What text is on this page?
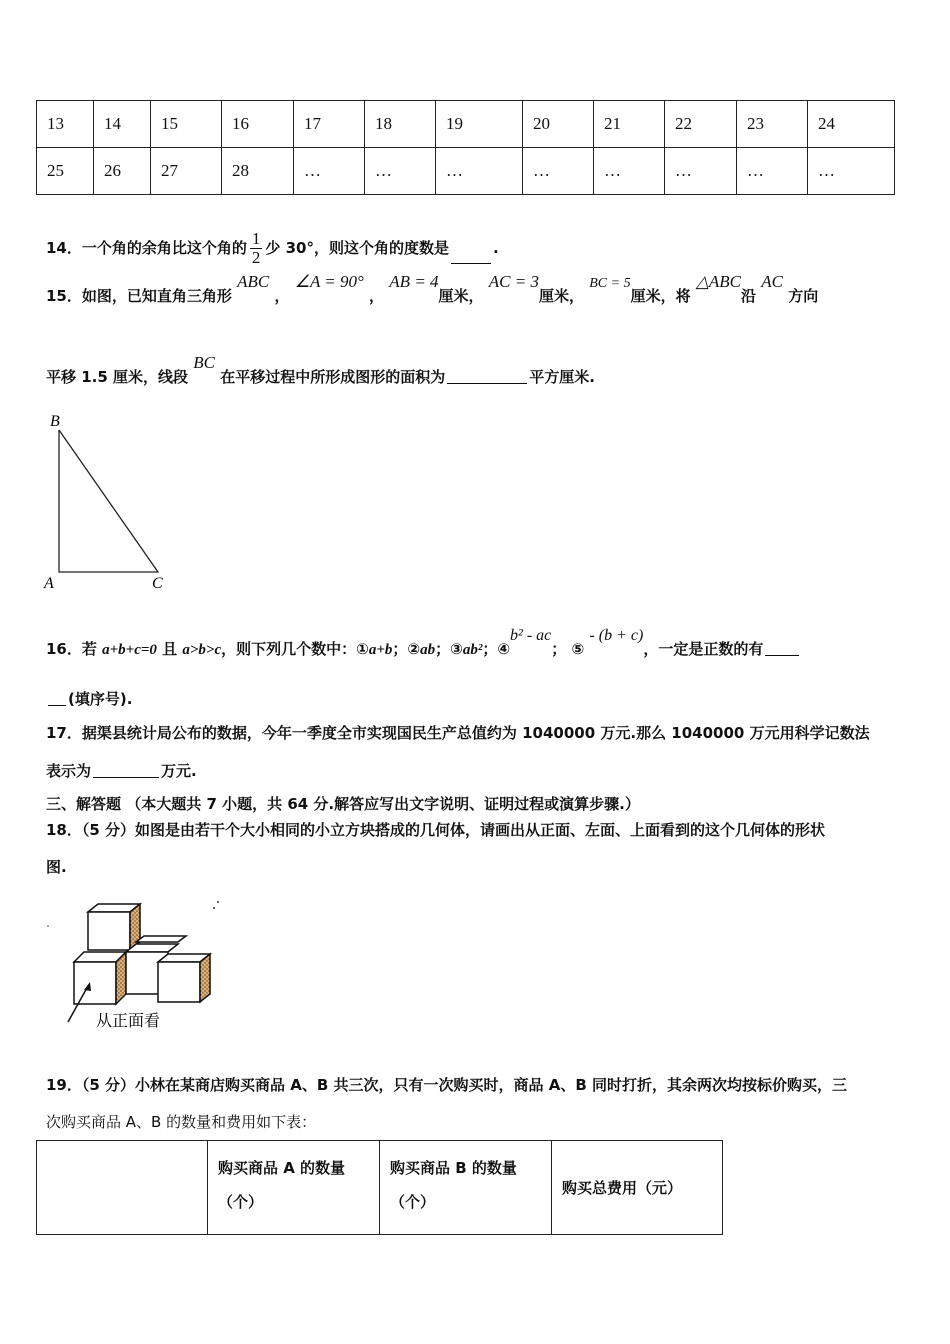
13	14	15	16	17	18	19	20	21	22	23	24
25	26	27	28	…	…	…	…	…	…	…	…
14．一个角的余角比这个角的 $\frac{1}{2}$ 少 30°，则这个角的度数是	.
15．如图，已知直角三角形 ABC ， ∠A = 90° ， AB = 4厘米， AC = 3厘米， BC = 5厘米，将 △ABC沿 AC 方向
平移 1.5 厘米，线段 BC 在平移过程中所形成图形的面积为	平方厘米.
B
A	C
16．若 a+b+c=0 且 a>b>c，则下列几个数中：①a+b；②ab；③ab²；④b² - ac； ⑤ - (b + c)，一定是正数的有
(填序号).
17．据渠县统计局公布的数据，今年一季度全市实现国民生产总值约为 1040000 万元.那么 1040000 万元用科学记数法
表示为	万元.
三、解答题 （本大题共 7 小题，共 64 分.解答应写出文字说明、证明过程或演算步骤.）
18．（5 分）如图是由若干个大小相同的小立方块搭成的几何体，请画出从正面、左面、上面看到的这个几何体的形状
图.
从正面看
19．（5 分）小林在某商店购买商品 A、B 共三次，只有一次购买时，商品 A、B 同时打折，其余两次均按标价购买，三
次购买商品 A、B 的数量和费用如下表：
	购买商品 A 的数量（个）	购买商品 B 的数量（个）	购买总费用（元）
